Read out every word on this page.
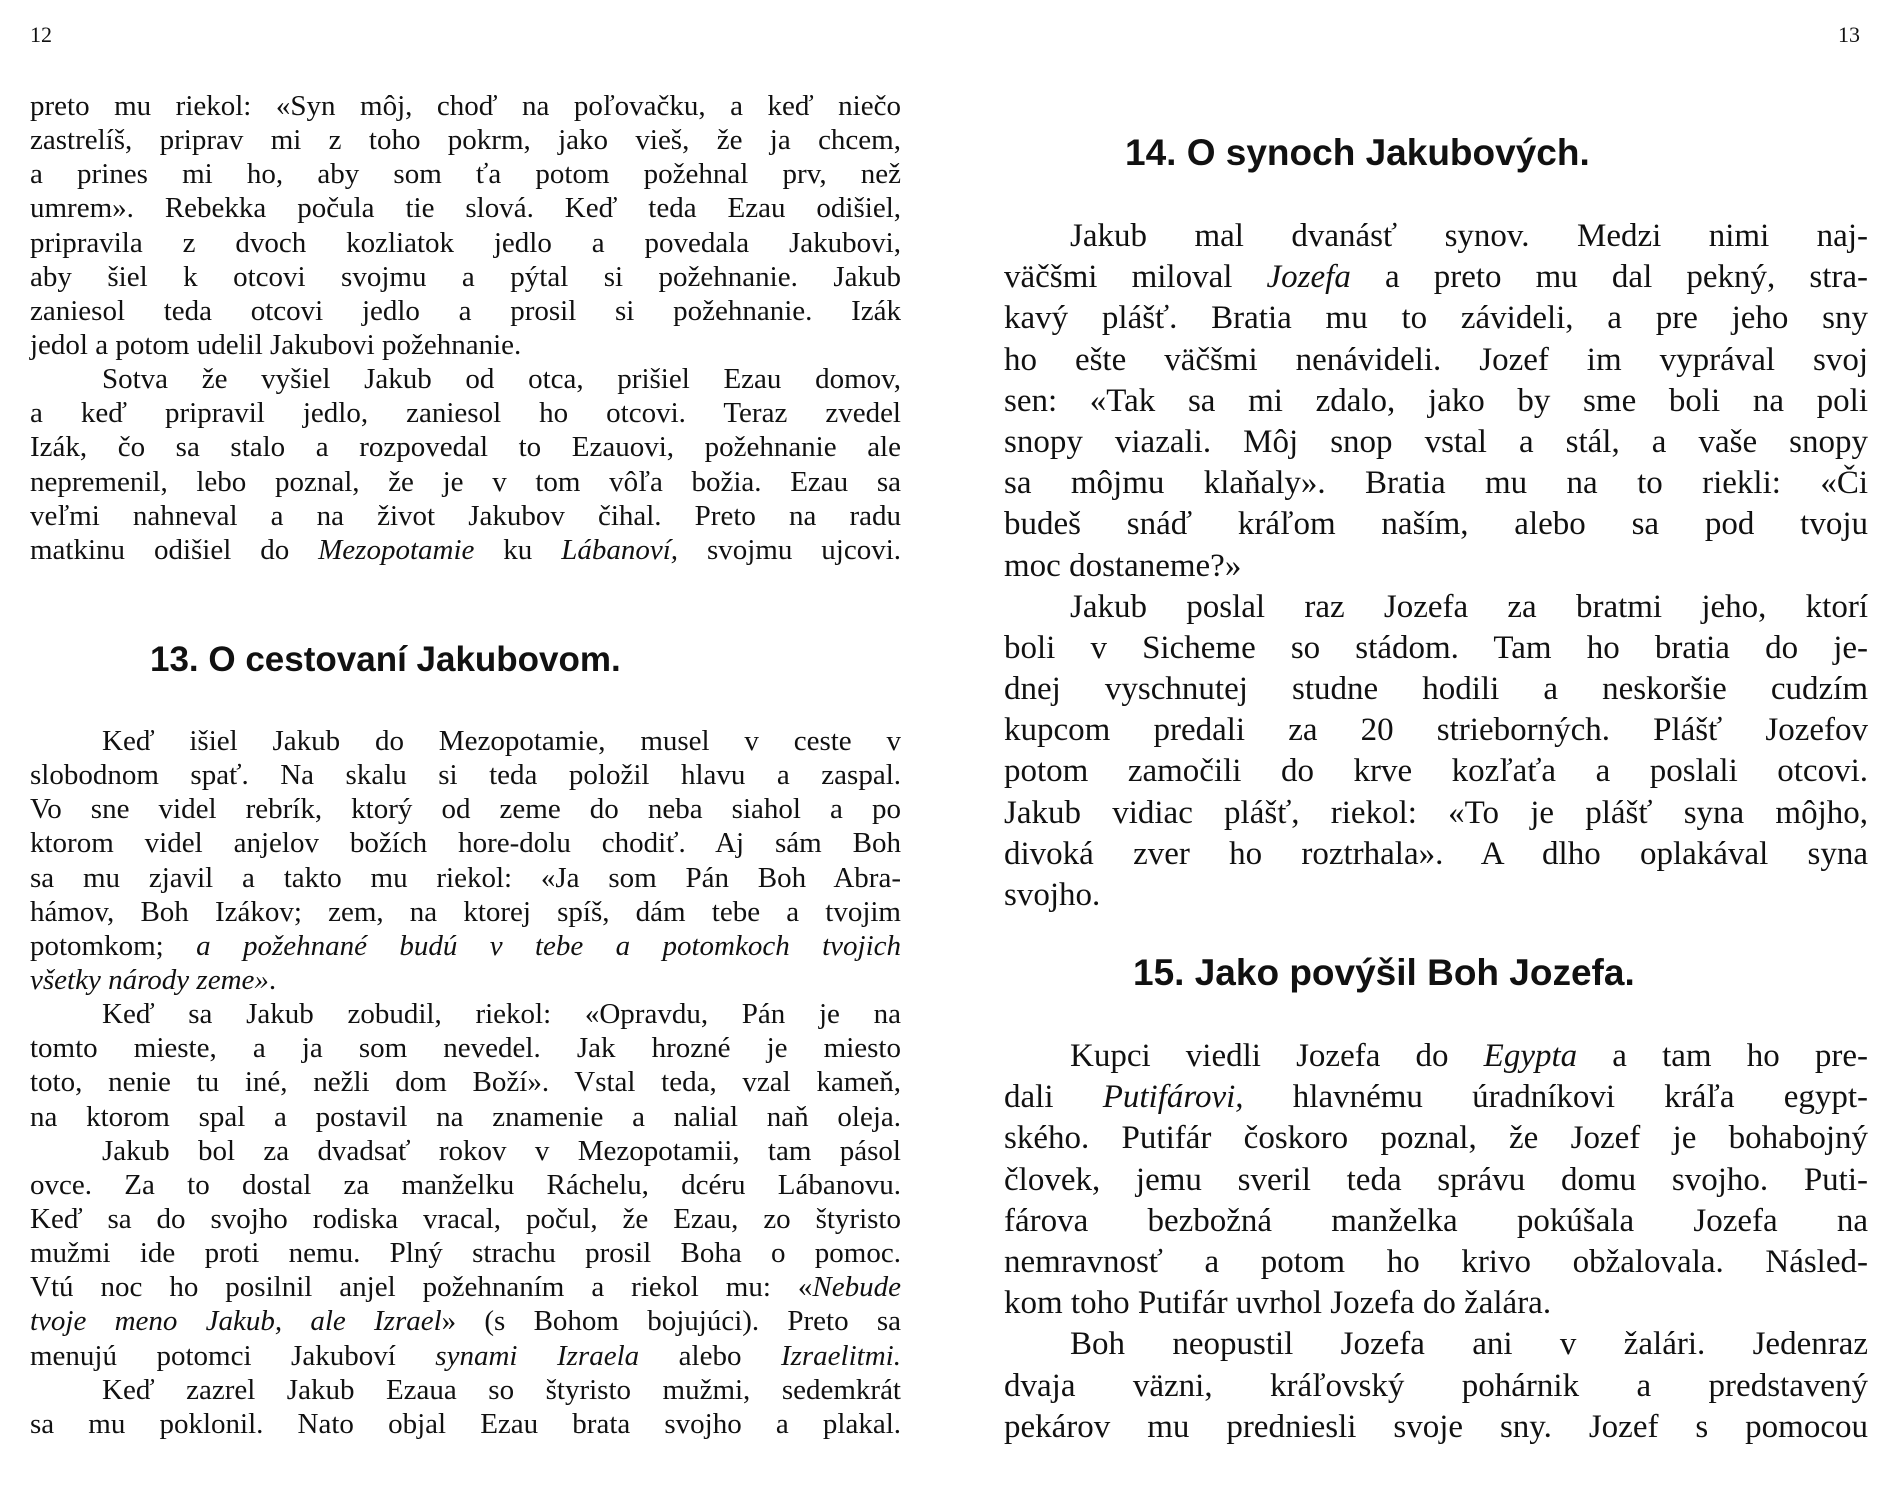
12
preto mu riekol: «Syn môj, choď na poľovačku, a keď niečo
zastrelíš, priprav mi z toho pokrm, jako vieš, že ja chcem,
a prines mi ho, aby som ťa potom požehnal prv, než
umrem». Rebekka počula tie slová. Keď teda Ezau odišiel,
pripravila z dvoch kozliatok jedlo a povedala Jakubovi,
aby šiel k otcovi svojmu a pýtal si požehnanie. Jakub
zaniesol teda otcovi jedlo a prosil si požehnanie. Izák
jedol a potom udelil Jakubovi požehnanie.
Sotva že vyšiel Jakub od otca, prišiel Ezau domov,
a keď pripravil jedlo, zaniesol ho otcovi. Teraz zvedel
Izák, čo sa stalo a rozpovedal to Ezauovi, požehnanie ale
nepremenil, lebo poznal, že je v tom vôľa božia. Ezau sa
veľmi nahneval a na život Jakubov čihal. Preto na radu
matkinu odišiel do Mezopotamie ku Lábanoví, svojmu ujcovi.
13. O cestovaní Jakubovom.
Keď išiel Jakub do Mezopotamie, musel v ceste v
slobodnom spať. Na skalu si teda položil hlavu a zaspal.
Vo sne videl rebrík, ktorý od zeme do neba siahol a po
ktorom videl anjelov božích hore-dolu chodiť. Aj sám Boh
sa mu zjavil a takto mu riekol: «Ja som Pán Boh Abra-
hámov, Boh Izákov; zem, na ktorej spíš, dám tebe a tvojim
potomkom; a požehnané budú v tebe a potomkoch tvojich
všetky národy zeme».
Keď sa Jakub zobudil, riekol: «Opravdu, Pán je na
tomto mieste, a ja som nevedel. Jak hrozné je miesto
toto, nenie tu iné, nežli dom Boží». Vstal teda, vzal kameň,
na ktorom spal a postavil na znamenie a nalial naň oleja.
Jakub bol za dvadsať rokov v Mezopotamii, tam pásol
ovce. Za to dostal za manželku Ráchelu, dcéru Lábanovu.
Keď sa do svojho rodiska vracal, počul, že Ezau, zo štyristo
mužmi ide proti nemu. Plný strachu prosil Boha o pomoc.
Vtú noc ho posilnil anjel požehnaním a riekol mu: «Nebude
tvoje meno Jakub, ale Izrael» (s Bohom bojujúci). Preto sa
menujú potomci Jakuboví synami Izraela alebo Izraelitmi.
Keď zazrel Jakub Ezaua so štyristo mužmi, sedemkrát
sa mu poklonil. Nato objal Ezau brata svojho a plakal.
13
14. O synoch Jakubových.
Jakub mal dvanásť synov. Medzi nimi naj-
väčšmi miloval Jozefa a preto mu dal pekný, stra-
kavý plášť. Bratia mu to závideli, a pre jeho sny
ho ešte väčšmi nenávideli. Jozef im vyprával svoj
sen: «Tak sa mi zdalo, jako by sme boli na poli
snopy viazali. Môj snop vstal a stál, a vaše snopy
sa môjmu klaňaly». Bratia mu na to riekli: «Či
budeš snáď kráľom naším, alebo sa pod tvoju
moc dostaneme?»
Jakub poslal raz Jozefa za bratmi jeho, ktorí
boli v Sicheme so stádom. Tam ho bratia do je-
dnej vyschnutej studne hodili a neskoršie cudzím
kupcom predali za 20 strieborných. Plášť Jozefov
potom zamočili do krve kozľaťa a poslali otcovi.
Jakub vidiac plášť, riekol: «To je plášť syna môjho,
divoká zver ho roztrhala». A dlho oplakával syna
svojho.
15. Jako povýšil Boh Jozefa.
Kupci viedli Jozefa do Egypta a tam ho pre-
dali Putifárovi, hlavnému úradníkovi kráľa egypt-
ského. Putifár čoskoro poznal, že Jozef je bohabojný
človek, jemu sveril teda správu domu svojho. Puti-
fárova bezbožná manželka pokúšala Jozefa na
nemravnosť a potom ho krivo obžalovala. Násled-
kom toho Putifár uvrhol Jozefa do žalára.
Boh neopustil Jozefa ani v žalári. Jedenraz
dvaja väzni, kráľovský pohárnik a predstavený
pekárov mu predniesli svoje sny. Jozef s pomocou
